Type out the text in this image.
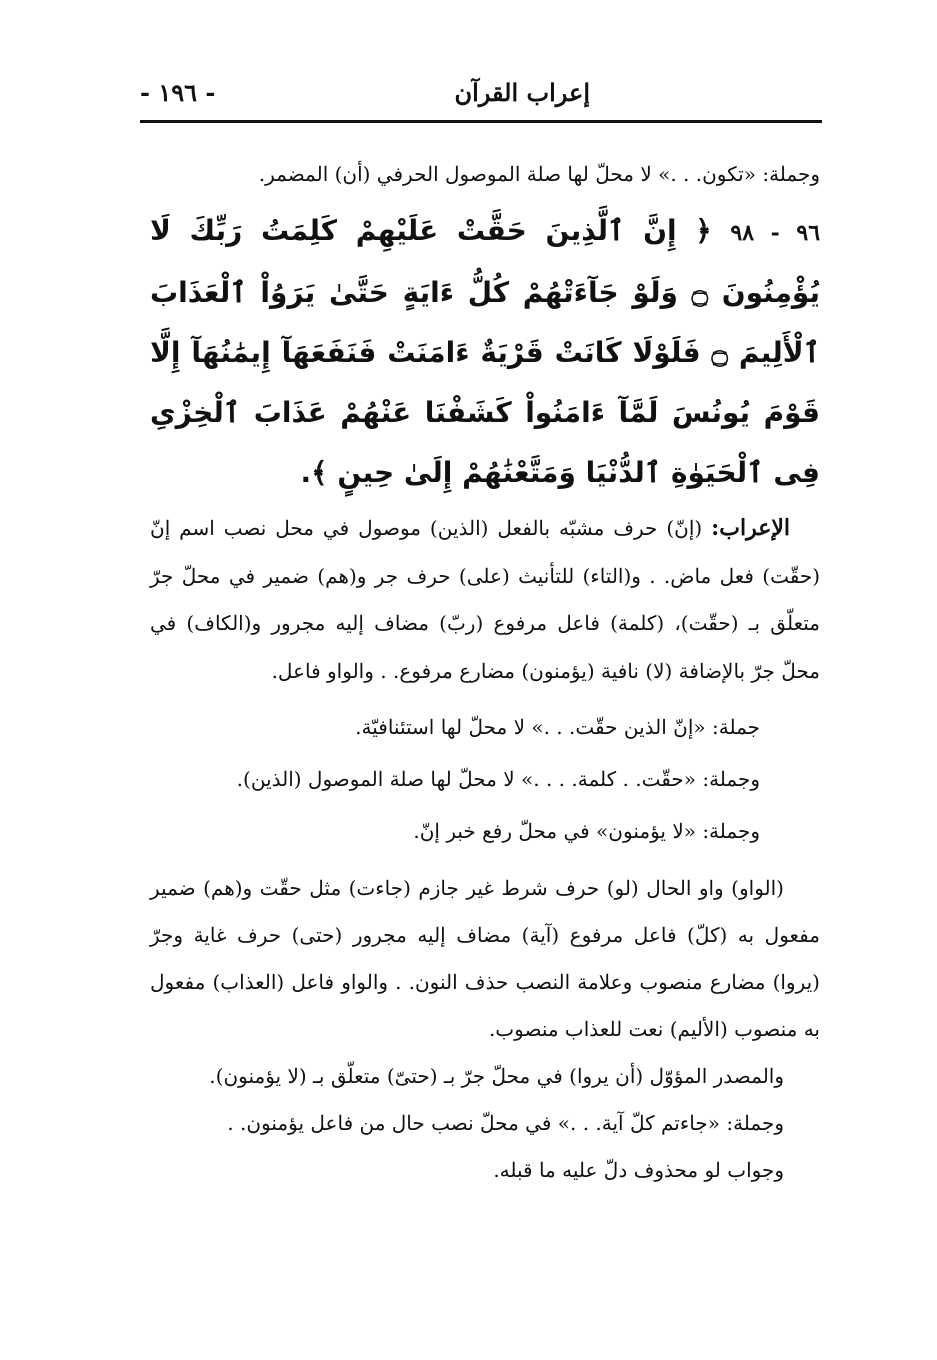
إعراب القرآن
- ١٩٦ -

وجملة: «تكون. . .» لا محلّ لها صلة الموصول الحرفي (أن) المضمر.

٩٦ - ٩٨ ﴿ إِنَّ ٱلَّذِينَ حَقَّتْ عَلَيْهِمْ كَلِمَتُ رَبِّكَ لَا يُؤْمِنُونَ ۝ وَلَوْ جَآءَتْهُمْ كُلُّ ءَايَةٍ حَتَّىٰ يَرَوُاْ ٱلْعَذَابَ ٱلْأَلِيمَ ۝ فَلَوْلَا كَانَتْ قَرْيَةٌ ءَامَنَتْ فَنَفَعَهَآ إِيمَٰنُهَآ إِلَّا قَوْمَ يُونُسَ لَمَّآ ءَامَنُواْ كَشَفْنَا عَنْهُمْ عَذَابَ ٱلْخِزْىِ فِى ٱلْحَيَوٰةِ ٱلدُّنْيَا وَمَتَّعْنَٰهُمْ إِلَىٰ حِينٍ ﴾.

الإعراب: (إنّ) حرف مشبّه بالفعل (الذين) موصول في محل نصب اسم إنّ (حقّت) فعل ماض. . و(التاء) للتأنيث (على) حرف جر و(هم) ضمير في محلّ جرّ متعلّق بـ (حقّت)، (كلمة) فاعل مرفوع (ربّ) مضاف إليه مجرور و(الكاف) في محلّ جرّ بالإضافة (لا) نافية (يؤمنون) مضارع مرفوع. . والواو فاعل.

جملة: «إنّ الذين حقّت. . .» لا محلّ لها استئنافيّة.

وجملة: «حقّت. . كلمة. . . .» لا محلّ لها صلة الموصول (الذين).

وجملة: «لا يؤمنون» في محلّ رفع خبر إنّ.

(الواو) واو الحال (لو) حرف شرط غير جازم (جاءت) مثل حقّت و(هم) ضمير مفعول به (كلّ) فاعل مرفوع (آية) مضاف إليه مجرور (حتى) حرف غاية وجرّ (يروا) مضارع منصوب وعلامة النصب حذف النون. . والواو فاعل (العذاب) مفعول به منصوب (الأليم) نعت للعذاب منصوب.

والمصدر المؤوّل (أن يروا) في محلّ جرّ بـ (حتىّ) متعلّق بـ (لا يؤمنون).

وجملة: «جاءتم كلّ آية. . .» في محلّ نصب حال من فاعل يؤمنون. .

وجواب لو محذوف دلّ عليه ما قبله.
